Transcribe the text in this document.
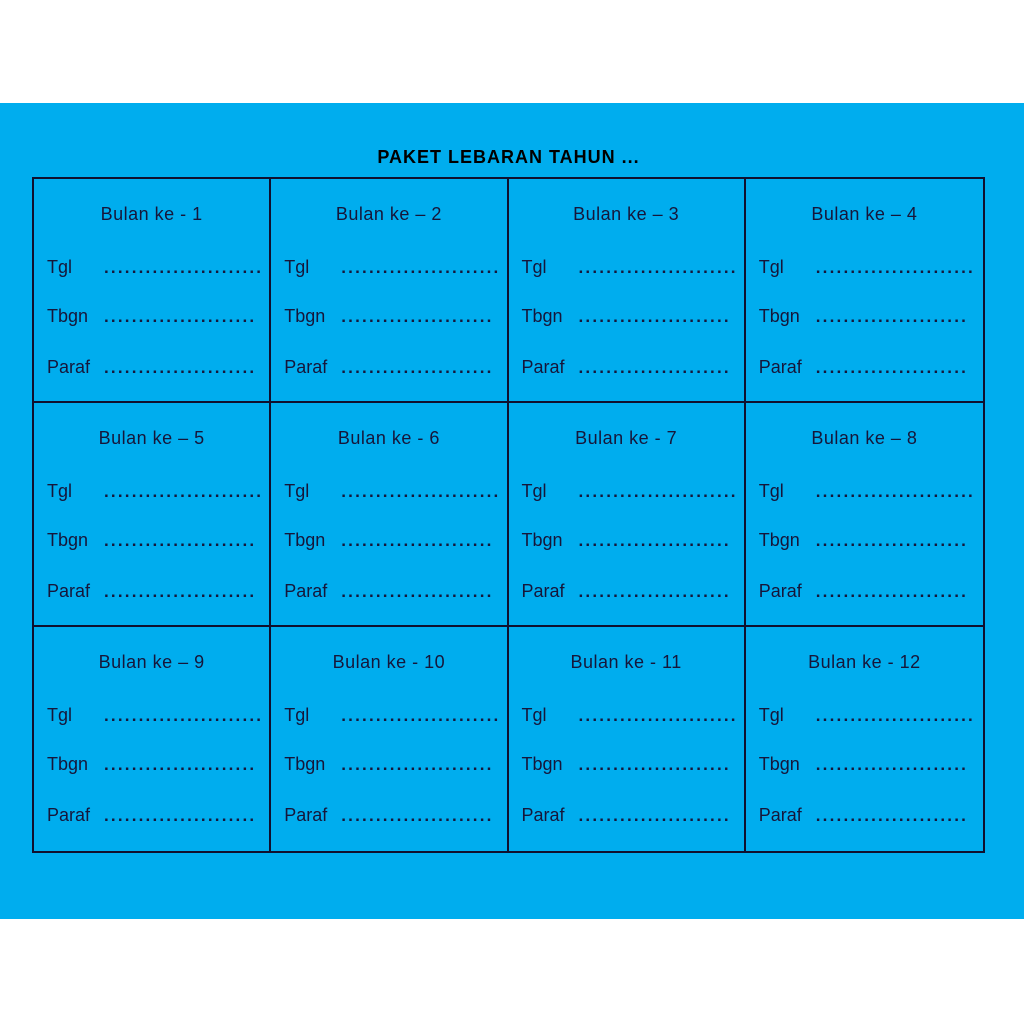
PAKET LEBARAN TAHUN ...
Bulan ke - 1
Tgl .......................
Tbgn ......................
Paraf ......................
Bulan ke – 2
Tgl .......................
Tbgn ......................
Paraf ......................
Bulan ke – 3
Tgl .......................
Tbgn ......................
Paraf ......................
Bulan ke – 4
Tgl .......................
Tbgn ......................
Paraf ......................
Bulan ke – 5
Tgl .......................
Tbgn ......................
Paraf ......................
Bulan ke - 6
Tgl .......................
Tbgn ......................
Paraf ......................
Bulan ke - 7
Tgl .......................
Tbgn ......................
Paraf ......................
Bulan ke – 8
Tgl .......................
Tbgn ......................
Paraf ......................
Bulan ke – 9
Tgl .......................
Tbgn ......................
Paraf ......................
Bulan ke - 10
Tgl .......................
Tbgn ......................
Paraf ......................
Bulan ke - 11
Tgl .......................
Tbgn ......................
Paraf ......................
Bulan ke - 12
Tgl .......................
Tbgn ......................
Paraf ......................
